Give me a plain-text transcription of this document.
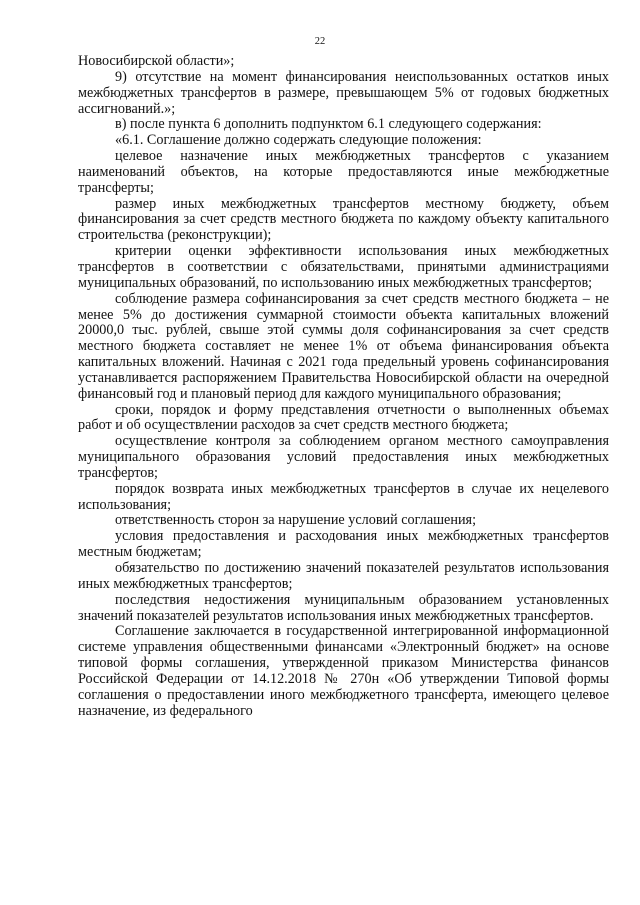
22

Новосибирской области»;

9) отсутствие на момент финансирования неиспользованных остатков иных межбюджетных трансфертов в размере, превышающем 5% от годовых бюджетных ассигнований.»;

в) после пункта 6 дополнить подпунктом 6.1 следующего содержания:

«6.1. Соглашение должно содержать следующие положения:

целевое назначение иных межбюджетных трансфертов с указанием наименований объектов, на которые предоставляются иные межбюджетные трансферты;

размер иных межбюджетных трансфертов местному бюджету, объем финансирования за счет средств местного бюджета по каждому объекту капитального строительства (реконструкции);

критерии оценки эффективности использования иных межбюджетных трансфертов в соответствии с обязательствами, принятыми администрациями муниципальных образований, по использованию иных межбюджетных трансфертов;

соблюдение размера софинансирования за счет средств местного бюджета – не менее 5% до достижения суммарной стоимости объекта капитальных вложений 20000,0 тыс. рублей, свыше этой суммы доля софинансирования за счет средств местного бюджета составляет не менее 1% от объема финансирования объекта капитальных вложений. Начиная с 2021 года предельный уровень софинансирования устанавливается распоряжением Правительства Новосибирской области на очередной финансовый год и плановый период для каждого муниципального образования;

сроки, порядок и форму представления отчетности о выполненных объемах работ и об осуществлении расходов за счет средств местного бюджета;

осуществление контроля за соблюдением органом местного самоуправления муниципального образования условий предоставления иных межбюджетных трансфертов;

порядок возврата иных межбюджетных трансфертов в случае их нецелевого использования;

ответственность сторон за нарушение условий соглашения;

условия предоставления и расходования иных межбюджетных трансфертов местным бюджетам;

обязательство по достижению значений показателей результатов использования иных межбюджетных трансфертов;

последствия недостижения муниципальным образованием установленных значений показателей результатов использования иных межбюджетных трансфертов.

Соглашение заключается в государственной интегрированной информационной системе управления общественными финансами «Электронный бюджет» на основе типовой формы соглашения, утвержденной приказом Министерства финансов Российской Федерации от 14.12.2018 № 270н «Об утверждении Типовой формы соглашения о предоставлении иного межбюджетного трансферта, имеющего целевое назначение, из федерального
